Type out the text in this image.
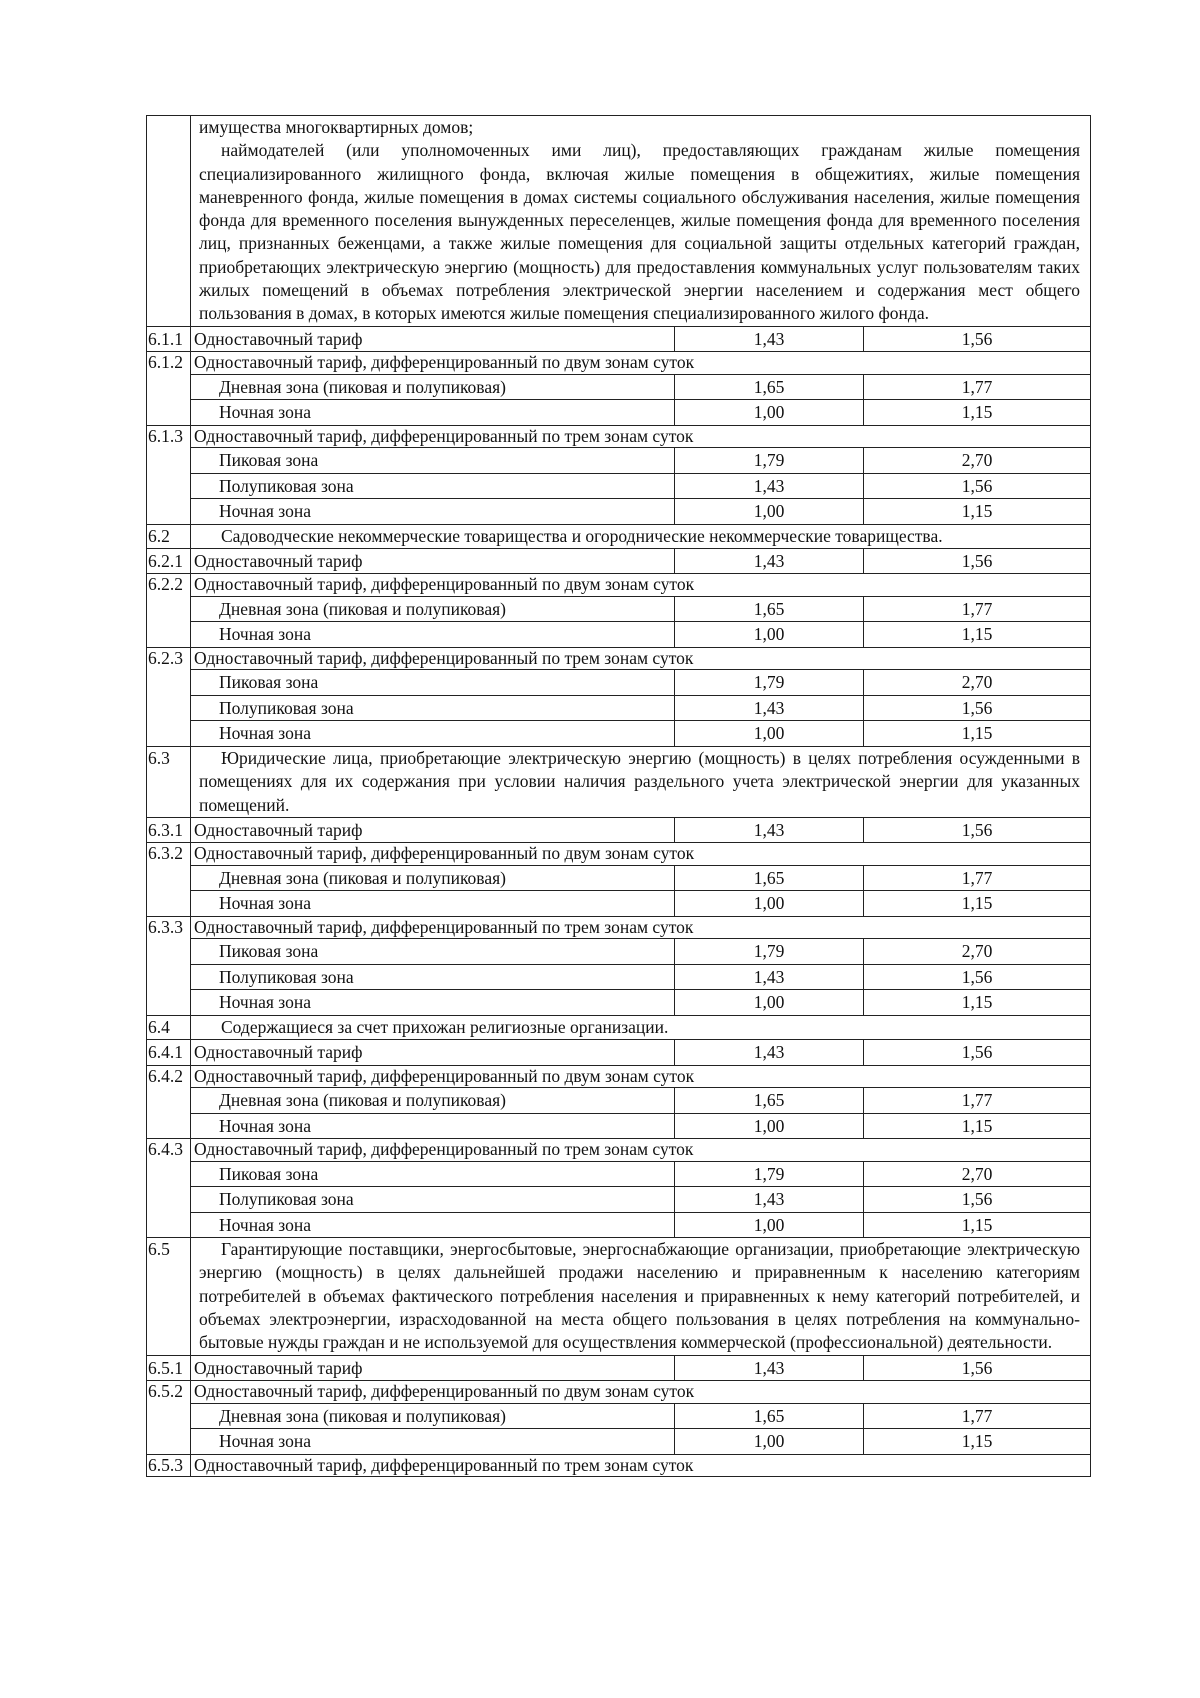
	имущества многоквартирных домов;
наймодателей (или уполномоченных ими лиц), предоставляющих гражданам жилые помещения специализированного жилищного фонда, включая жилые помещения в общежитиях, жилые помещения маневренного фонда, жилые помещения в домах системы социального обслуживания населения, жилые помещения фонда для временного поселения вынужденных переселенцев, жилые помещения фонда для временного поселения лиц, признанных беженцами, а также жилые помещения для социальной защиты отдельных категорий граждан, приобретающих электрическую энергию (мощность) для предоставления коммунальных услуг пользователям таких жилых помещений в объемах потребления электрической энергии населением и содержания мест общего пользования в домах, в которых имеются жилые помещения специализированного жилого фонда.		

6.1.1	Одноставочный тариф	1,43	1,56
6.1.2	Одноставочный тариф, дифференцированный по двум зонам суток		
	Дневная зона (пиковая и полупиковая)	1,65	1,77
	Ночная зона	1,00	1,15
6.1.3	Одноставочный тариф, дифференцированный по трем зонам суток		
	Пиковая зона	1,79	2,70
	Полупиковая зона	1,43	1,56
	Ночная зона	1,00	1,15
6.2	Садоводческие некоммерческие товарищества и огороднические некоммерческие товарищества.		

6.2.1	Одноставочный тариф	1,43	1,56
6.2.2	Одноставочный тариф, дифференцированный по двум зонам суток		
	Дневная зона (пиковая и полупиковая)	1,65	1,77
	Ночная зона	1,00	1,15
6.2.3	Одноставочный тариф, дифференцированный по трем зонам суток		
	Пиковая зона	1,79	2,70
	Полупиковая зона	1,43	1,56
	Ночная зона	1,00	1,15
6.3	Юридические лица, приобретающие электрическую энергию (мощность) в целях потребления осужденными в помещениях для их содержания при условии наличия раздельного учета электрической энергии для указанных помещений.		

6.3.1	Одноставочный тариф	1,43	1,56
6.3.2	Одноставочный тариф, дифференцированный по двум зонам суток		
	Дневная зона (пиковая и полупиковая)	1,65	1,77
	Ночная зона	1,00	1,15
6.3.3	Одноставочный тариф, дифференцированный по трем зонам суток		
	Пиковая зона	1,79	2,70
	Полупиковая зона	1,43	1,56
	Ночная зона	1,00	1,15
6.4	Содержащиеся за счет прихожан религиозные организации.		

6.4.1	Одноставочный тариф	1,43	1,56
6.4.2	Одноставочный тариф, дифференцированный по двум зонам суток		
	Дневная зона (пиковая и полупиковая)	1,65	1,77
	Ночная зона	1,00	1,15
6.4.3	Одноставочный тариф, дифференцированный по трем зонам суток		
	Пиковая зона	1,79	2,70
	Полупиковая зона	1,43	1,56
	Ночная зона	1,00	1,15
6.5	Гарантирующие поставщики, энергосбытовые, энергоснабжающие организации, приобретающие электрическую энергию (мощность) в целях дальнейшей продажи населению и приравненным к населению категориям потребителей в объемах фактического потребления населения и приравненных к нему категорий потребителей, и объемах электроэнергии, израсходованной на места общего пользования в целях потребления на коммунально-бытовые нужды граждан и не используемой для осуществления коммерческой (профессиональной) деятельности.		

6.5.1	Одноставочный тариф	1,43	1,56
6.5.2	Одноставочный тариф, дифференцированный по двум зонам суток		
	Дневная зона (пиковая и полупиковая)	1,65	1,77
	Ночная зона	1,00	1,15
6.5.3	Одноставочный тариф, дифференцированный по трем зонам суток		
